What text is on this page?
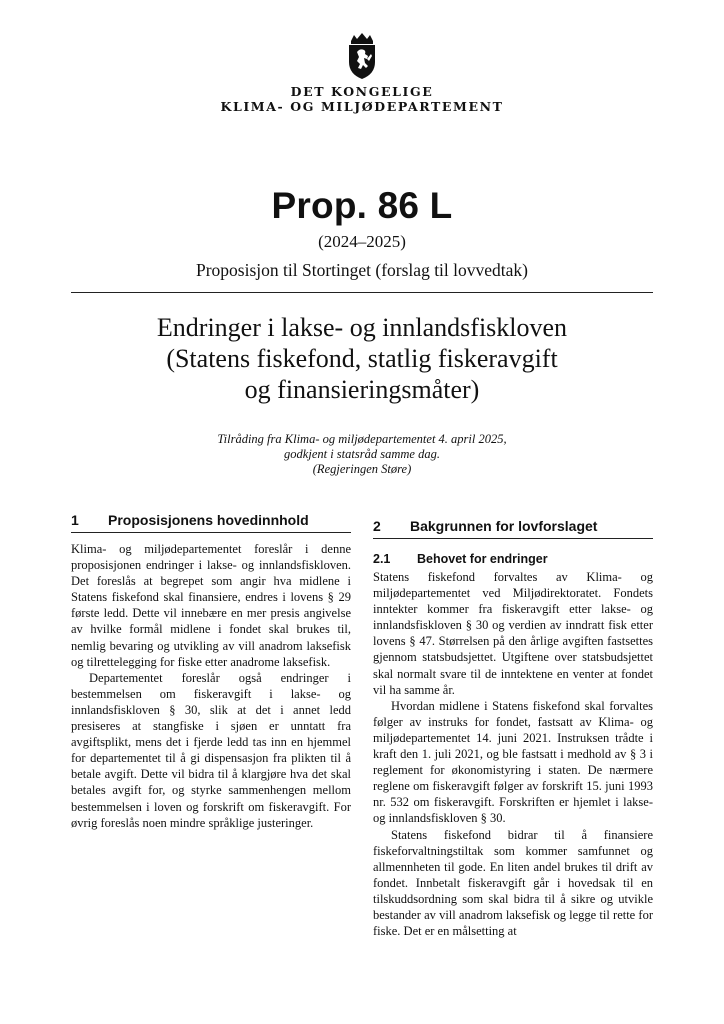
DET KONGELIGE
KLIMA- OG MILJØDEPARTEMENT
Prop. 86 L
(2024–2025)
Proposisjon til Stortinget (forslag til lovvedtak)
Endringer i lakse- og innlandsfiskloven
(Statens fiskefond, statlig fiskeravgift
og finansieringsmåter)
Tilråding fra Klima- og miljødepartementet 4. april 2025,
godkjent i statsråd samme dag.
(Regjeringen Støre)
1	Proposisjonens hovedinnhold

Klima- og miljødepartementet foreslår i denne proposisjonen endringer i lakse- og innlandsfiskloven. Det foreslås at begrepet som angir hva midlene i Statens fiskefond skal finansiere, endres i lovens § 29 første ledd. Dette vil innebære en mer presis angivelse av hvilke formål midlene i fondet skal brukes til, nemlig bevaring og utvikling av vill anadrom laksefisk og tilrettelegging for fiske etter anadrome laksefisk.

Departementet foreslår også endringer i bestemmelsen om fiskeravgift i lakse- og innlandsfiskloven § 30, slik at det i annet ledd presiseres at stangfiske i sjøen er unntatt fra avgiftsplikt, mens det i fjerde ledd tas inn en hjemmel for departementet til å gi dispensasjon fra plikten til å betale avgift. Dette vil bidra til å klargjøre hva det skal betales avgift for, og styrke sammenhengen mellom bestemmelsen i loven og forskrift om fiskeravgift. For øvrig foreslås noen mindre språklige justeringer.

2	Bakgrunnen for lovforslaget
2.1	Behovet for endringer

Statens fiskefond forvaltes av Klima- og miljødepartementet ved Miljødirektoratet. Fondets inntekter kommer fra fiskeravgift etter lakse- og innlandsfiskloven § 30 og verdien av inndratt fisk etter lovens § 47. Størrelsen på den årlige avgiften fastsettes gjennom statsbudsjettet. Utgiftene over statsbudsjettet skal normalt svare til de inntektene en venter at fondet vil ha samme år.

Hvordan midlene i Statens fiskefond skal forvaltes følger av instruks for fondet, fastsatt av Klima- og miljødepartementet 14. juni 2021. Instruksen trådte i kraft den 1. juli 2021, og ble fastsatt i medhold av § 3 i reglement for økonomistyring i staten. De nærmere reglene om fiskeravgift følger av forskrift 15. juni 1993 nr. 532 om fiskeravgift. Forskriften er hjemlet i lakse- og innlandsfiskloven § 30.

Statens fiskefond bidrar til å finansiere fiskeforvaltningstiltak som kommer samfunnet og allmennheten til gode. En liten andel brukes til drift av fondet. Innbetalt fiskeravgift går i hovedsak til en tilskuddsordning som skal bidra til å sikre og utvikle bestander av vill anadrom laksefisk og legge til rette for fiske. Det er en målsetting at
